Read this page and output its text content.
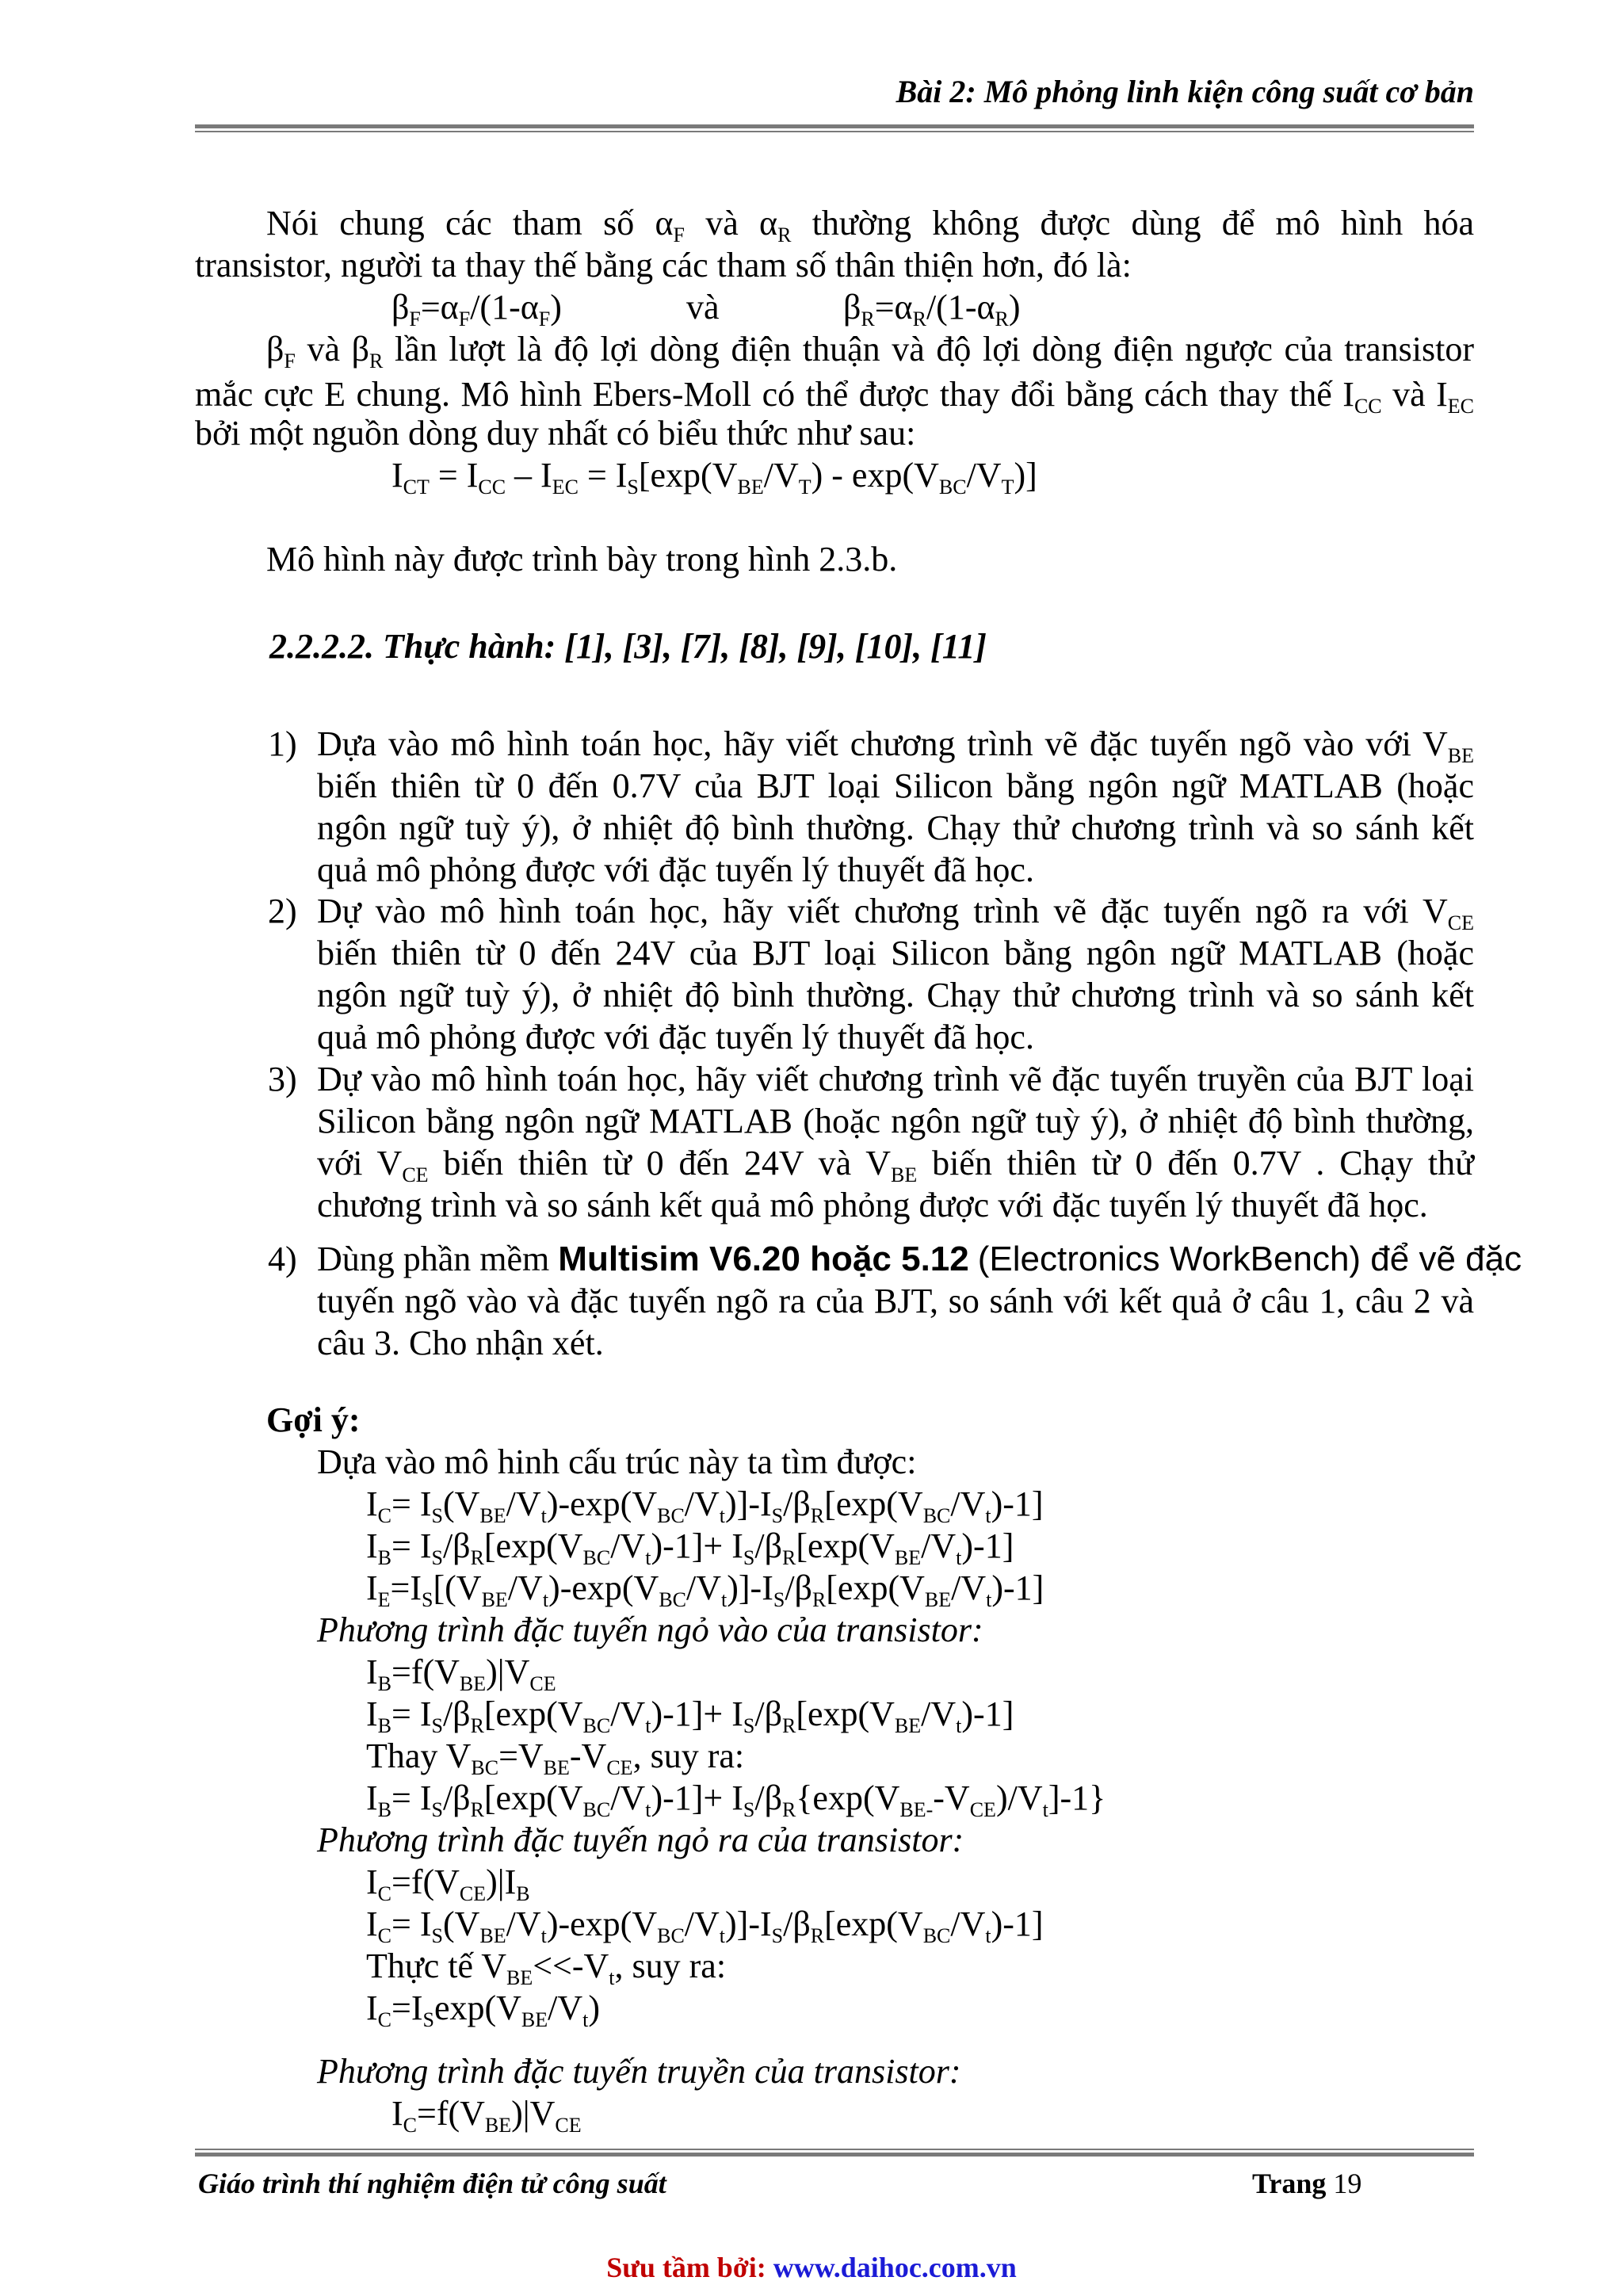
Bài 2: Mô phỏng linh kiện công suất cơ bản
Nói chung các tham số $\alpha_F$ và $\alpha_R$ thường không được dùng để mô hình hóa
transistor, người ta thay thế bằng các tham số thân thiện hơn, đó là:
$\beta_F=\alpha_F/(1-\alpha_F)$	và	$\beta_R=\alpha_R/(1-\alpha_R)$
$\beta_F$ và $\beta_R$ lần lượt là độ lợi dòng điện thuận và độ lợi dòng điện ngược của transistor
mắc cực E chung. Mô hình Ebers-Moll có thể được thay đổi bằng cách thay thế $I_{CC}$ và $I_{EC}$
bởi một nguồn dòng duy nhất có biểu thức như sau:
$I_{CT} = I_{CC} - I_{EC} = I_S[\exp(V_{BE}/V_T) - \exp(V_{BC}/V_T)]$
Mô hình này được trình bày trong hình 2.3.b.
2.2.2.2. Thực hành: [1], [3], [7], [8], [9], [10], [11]
1) Dựa vào mô hình toán học, hãy viết chương trình vẽ đặc tuyến ngõ vào với $V_{BE}$
biến thiên từ 0 đến 0.7V của BJT loại Silicon bằng ngôn ngữ MATLAB (hoặc
ngôn ngữ tuỳ ý), ở nhiệt độ bình thường. Chạy thử chương trình và so sánh kết
quả mô phỏng được với đặc tuyến lý thuyết đã học.
2) Dự vào mô hình toán học, hãy viết chương trình vẽ đặc tuyến ngõ ra với $V_{CE}$
biến thiên từ 0 đến 24V của BJT loại Silicon bằng ngôn ngữ MATLAB (hoặc
ngôn ngữ tuỳ ý), ở nhiệt độ bình thường. Chạy thử chương trình và so sánh kết
quả mô phỏng được với đặc tuyến lý thuyết đã học.
3) Dự vào mô hình toán học, hãy viết chương trình vẽ đặc tuyến truyền của BJT loại
Silicon bằng ngôn ngữ MATLAB (hoặc ngôn ngữ tuỳ ý), ở nhiệt độ bình thường,
với $V_{CE}$ biến thiên từ 0 đến 24V và $V_{BE}$ biến thiên từ 0 đến 0.7V . Chạy thử
chương trình và so sánh kết quả mô phỏng được với đặc tuyến lý thuyết đã học.
4) Dùng phần mềm Multisim V6.20 hoặc 5.12 (Electronics WorkBench) để vẽ đặc
tuyến ngõ vào và đặc tuyến ngõ ra của BJT, so sánh với kết quả ở câu 1, câu 2 và
câu 3. Cho nhận xét.
Gợi ý:
Dựa vào mô hinh cấu trúc này ta tìm được:
$I_C= I_S(V_{BE}/V_t)-\exp(V_{BC}/V_t)]-I_S/\beta_R[\exp(V_{BC}/V_t)-1]$
$I_B= I_S/\beta_R[\exp(V_{BC}/V_t)-1]+ I_S/\beta_R[\exp(V_{BE}/V_t)-1]$
$I_E=I_S[(V_{BE}/V_t)-\exp(V_{BC}/V_t)]-I_S/\beta_R[\exp(V_{BE}/V_t)-1]$
Phương trình đặc tuyến ngỏ vào của transistor:
$I_B=f(V_{BE})|V_{CE}$
$I_B= I_S/\beta_R[\exp(V_{BC}/V_t)-1]+ I_S/\beta_R[\exp(V_{BE}/V_t)-1]$
Thay $V_{BC}=V_{BE}-V_{CE}$, suy ra:
$I_B= I_S/\beta_R[\exp(V_{BC}/V_t)-1]+ I_S/\beta_R\{\exp(V_{BE-}-V_{CE})/V_t]-1$}
Phương trình đặc tuyến ngỏ ra của transistor:
$I_C=f(V_{CE})|I_B$
$I_C= I_S(V_{BE}/V_t)-\exp(V_{BC}/V_t)]-I_S/\beta_R[\exp(V_{BC}/V_t)-1]$
Thực tế $V_{BE}<<-V_t$, suy ra:
$I_C=I_S\exp(V_{BE}/V_t)$
Phương trình đặc tuyến truyền của transistor:
$I_C=f(V_{BE})|V_{CE}$
Giáo trình thí nghiệm điện tử công suất	Trang 19
Sưu tầm bởi: www.daihoc.com.vn
